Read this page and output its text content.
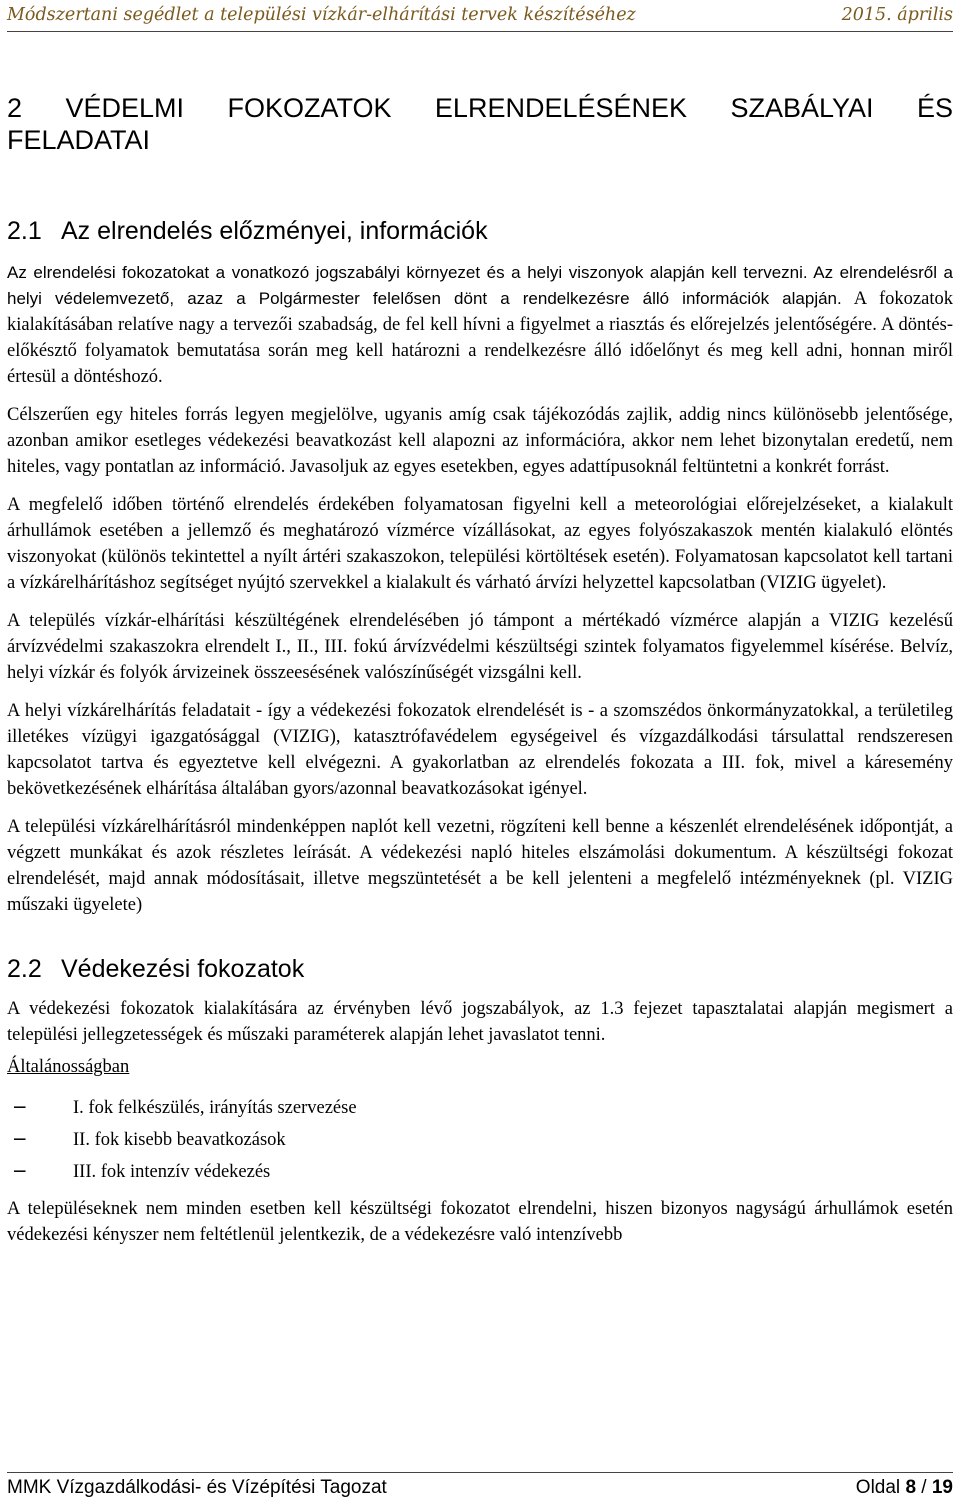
Módszertani segédlet a települési vízkár-elhárítási tervek készítéséhez	2015. április
2 VÉDELMI FOKOZATOK ELRENDELÉSÉNEK SZABÁLYAI ÉS
FELADATAI
2.1 Az elrendelés előzményei, információk

Az elrendelési fokozatokat a vonatkozó jogszabályi környezet és a helyi viszonyok alapján kell tervezni. Az elrendelésről a helyi védelemvezető, azaz a Polgármester felelősen dönt a rendelkezésre álló információk alapján. A fokozatok kialakításában relatíve nagy a tervezői szabadság, de fel kell hívni a figyelmet a riasztás és előrejelzés jelentőségére. A döntés-előkésztő folyamatok bemutatása során meg kell határozni a rendelkezésre álló időelőnyt és meg kell adni, honnan miről értesül a döntéshozó.

Célszerűen egy hiteles forrás legyen megjelölve, ugyanis amíg csak tájékozódás zajlik, addig nincs különösebb jelentősége, azonban amikor esetleges védekezési beavatkozást kell alapozni az információra, akkor nem lehet bizonytalan eredetű, nem hiteles, vagy pontatlan az információ. Javasoljuk az egyes esetekben, egyes adattípusoknál feltüntetni a konkrét forrást.

A megfelelő időben történő elrendelés érdekében folyamatosan figyelni kell a meteorológiai előrejelzéseket, a kialakult árhullámok esetében a jellemző és meghatározó vízmérce vízállásokat, az egyes folyószakaszok mentén kialakuló elöntés viszonyokat (különös tekintettel a nyílt ártéri szakaszokon, települési körtöltések esetén). Folyamatosan kapcsolatot kell tartani a vízkárelhárításhoz segítséget nyújtó szervekkel a kialakult és várható árvízi helyzettel kapcsolatban (VIZIG ügyelet).

A település vízkár-elhárítási készültégének elrendelésében jó támpont a mértékadó vízmérce alapján a VIZIG kezelésű árvízvédelmi szakaszokra elrendelt I., II., III. fokú árvízvédelmi készültségi szintek folyamatos figyelemmel kísérése. Belvíz, helyi vízkár és folyók árvizeinek összeesésének valószínűségét vizsgálni kell.

A helyi vízkárelhárítás feladatait - így a védekezési fokozatok elrendelését is - a szomszédos önkormányzatokkal, a területileg illetékes vízügyi igazgatósággal (VIZIG), katasztrófavédelem egységeivel és vízgazdálkodási társulattal rendszeresen kapcsolatot tartva és egyeztetve kell elvégezni. A gyakorlatban az elrendelés fokozata a III. fok, mivel a káresemény bekövetkezésének elhárítása általában gyors/azonnal beavatkozásokat igényel.

A települési vízkárelhárításról mindenképpen naplót kell vezetni, rögzíteni kell benne a készenlét elrendelésének időpontját, a végzett munkákat és azok részletes leírását. A védekezési napló hiteles elszámolási dokumentum. A készültségi fokozat elrendelését, majd annak módosításait, illetve megszüntetését a be kell jelenteni a megfelelő intézményeknek (pl. VIZIG műszaki ügyelete)

2.2 Védekezési fokozatok

A védekezési fokozatok kialakítására az érvényben lévő jogszabályok, az 1.3 fejezet tapasztalatai alapján megismert a települési jellegzetességek és műszaki paraméterek alapján lehet javaslatot tenni.

Általánosságban
− I. fok felkészülés, irányítás szervezése
− II. fok kisebb beavatkozások
− III. fok intenzív védekezés

A településeknek nem minden esetben kell készültségi fokozatot elrendelni, hiszen bizonyos nagyságú árhullámok esetén védekezési kényszer nem feltétlenül jelentkezik, de a védekezésre való intenzívebb

MMK Vízgazdálkodási- és Vízépítési Tagozat	Oldal 8 / 19
